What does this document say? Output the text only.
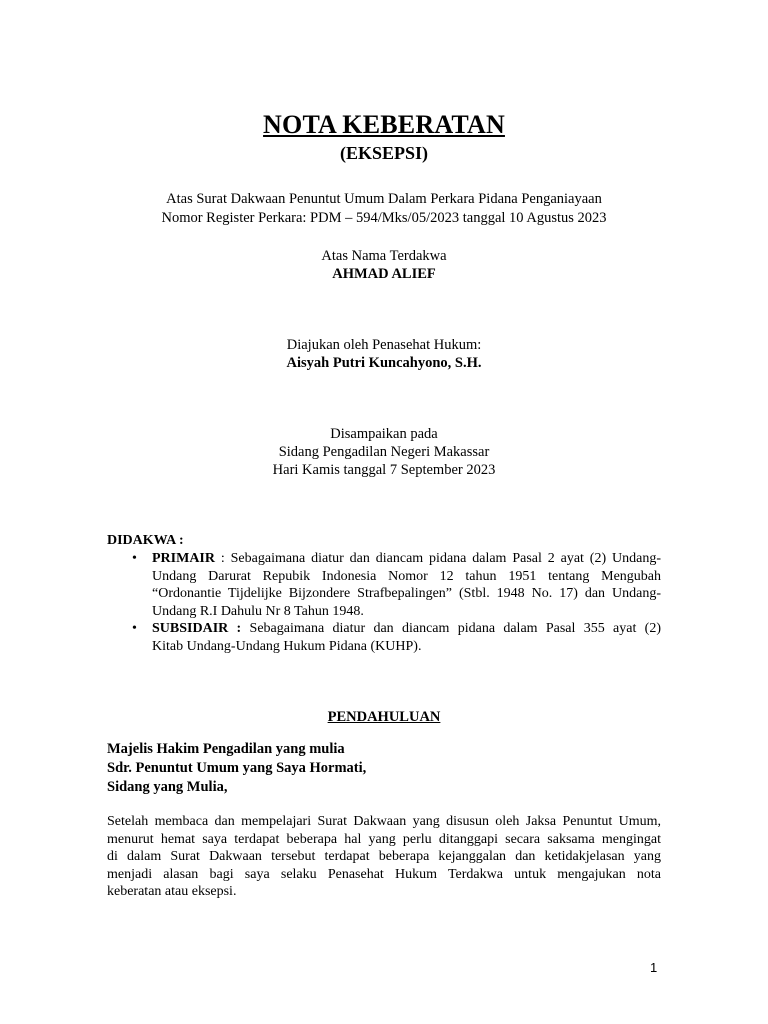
NOTA KEBERATAN
(EKSEPSI)
Atas Surat Dakwaan Penuntut Umum Dalam Perkara Pidana Penganiayaan
Nomor Register Perkara: PDM – 594/Mks/05/2023 tanggal 10 Agustus 2023
Atas Nama Terdakwa
AHMAD ALIEF
Diajukan oleh Penasehat Hukum:
Aisyah Putri Kuncahyono, S.H.
Disampaikan pada
Sidang Pengadilan Negeri Makassar
Hari Kamis tanggal 7 September 2023
DIDAKWA :
• PRIMAIR : Sebagaimana diatur dan diancam pidana dalam Pasal 2 ayat (2) Undang-
Undang Darurat Repubik Indonesia Nomor 12 tahun 1951 tentang Mengubah
“Ordonantie Tijdelijke Bijzondere Strafbepalingen” (Stbl. 1948 No. 17) dan Undang-
Undang R.I Dahulu Nr 8 Tahun 1948.
• SUBSIDAIR : Sebagaimana diatur dan diancam pidana dalam Pasal 355 ayat (2)
Kitab Undang-Undang Hukum Pidana (KUHP).
PENDAHULUAN
Majelis Hakim Pengadilan yang mulia
Sdr. Penuntut Umum yang Saya Hormati,
Sidang yang Mulia,
Setelah membaca dan mempelajari Surat Dakwaan yang disusun oleh Jaksa Penuntut Umum,
menurut hemat saya terdapat beberapa hal yang perlu ditanggapi secara saksama mengingat
di dalam Surat Dakwaan tersebut terdapat beberapa kejanggalan dan ketidakjelasan yang
menjadi alasan bagi saya selaku Penasehat Hukum Terdakwa untuk mengajukan nota
keberatan atau eksepsi.
1
